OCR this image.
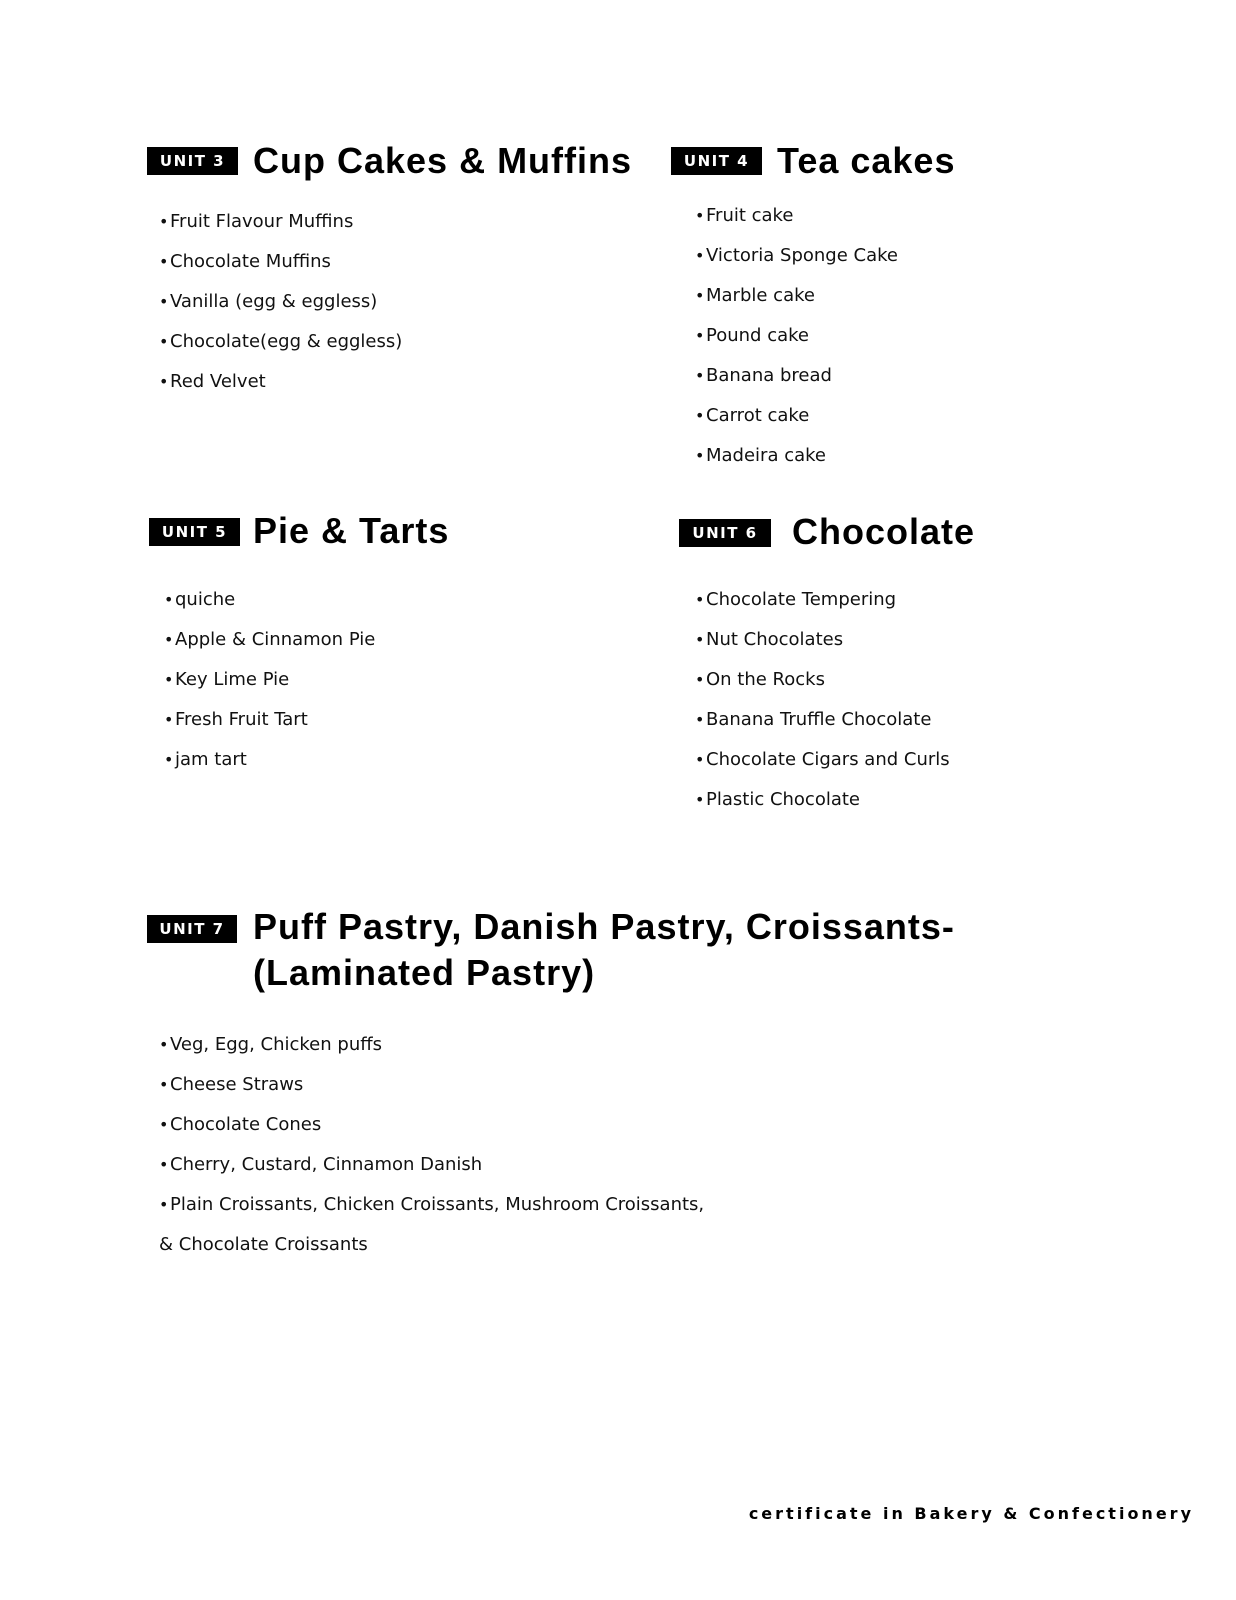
UNIT 3 Cup Cakes & Muffins
•Fruit Flavour Muffins
•Chocolate Muffins
•Vanilla (egg & eggless)
•Chocolate(egg & eggless)
•Red Velvet
UNIT 4 Tea cakes
•Fruit cake
•Victoria Sponge Cake
•Marble cake
•Pound cake
•Banana bread
•Carrot cake
•Madeira cake
UNIT 5 Pie & Tarts
•quiche
•Apple & Cinnamon Pie
•Key Lime Pie
•Fresh Fruit Tart
•jam tart
UNIT 6 Chocolate
•Chocolate Tempering
•Nut Chocolates
•On the Rocks
•Banana Truffle Chocolate
•Chocolate Cigars and Curls
•Plastic Chocolate
UNIT 7 Puff Pastry, Danish Pastry, Croissants-
(Laminated Pastry)
•Veg, Egg, Chicken puffs
•Cheese Straws
•Chocolate Cones
•Cherry, Custard, Cinnamon Danish
•Plain Croissants, Chicken Croissants, Mushroom Croissants,
& Chocolate Croissants
certificate in Bakery & Confectionery
